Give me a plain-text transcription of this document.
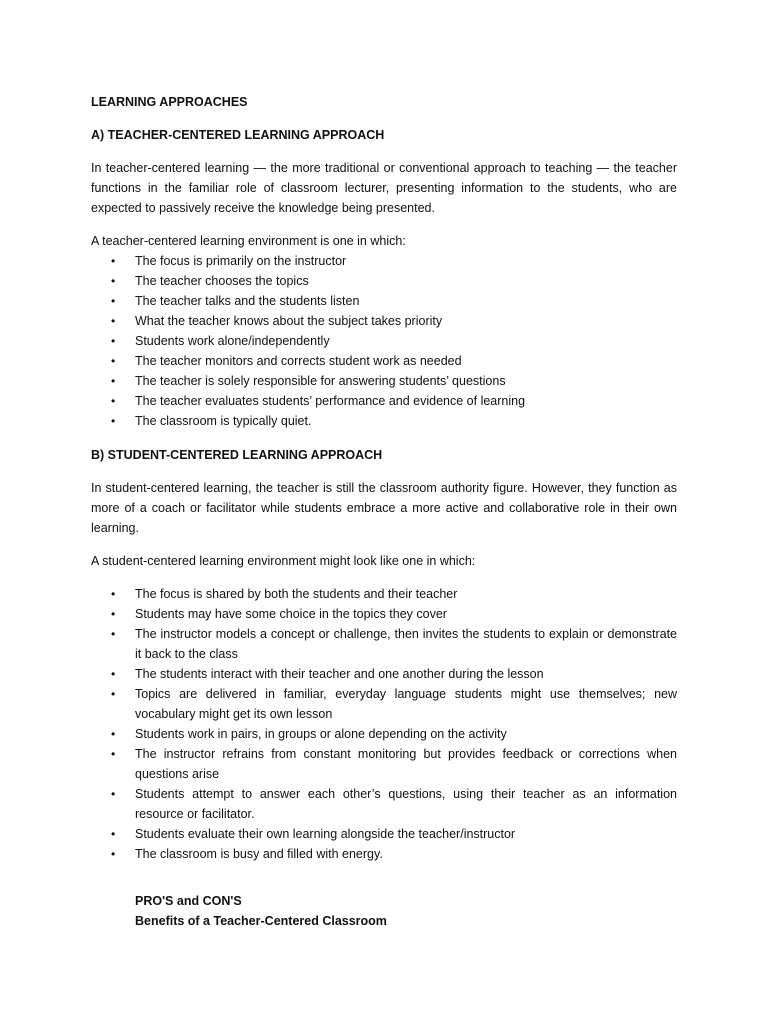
LEARNING APPROACHES

A) TEACHER-CENTERED LEARNING APPROACH

In teacher-centered learning — the more traditional or conventional approach to teaching — the teacher functions in the familiar role of classroom lecturer, presenting information to the students, who are expected to passively receive the knowledge being presented.

A teacher-centered learning environment is one in which:

• The focus is primarily on the instructor
• The teacher chooses the topics
• The teacher talks and the students listen
• What the teacher knows about the subject takes priority
• Students work alone/independently
• The teacher monitors and corrects student work as needed
• The teacher is solely responsible for answering students’ questions
• The teacher evaluates students’ performance and evidence of learning
• The classroom is typically quiet.

B) STUDENT-CENTERED LEARNING APPROACH

In student-centered learning, the teacher is still the classroom authority figure. However, they function as more of a coach or facilitator while students embrace a more active and collaborative role in their own learning.

A student-centered learning environment might look like one in which:

• The focus is shared by both the students and their teacher
• Students may have some choice in the topics they cover
• The instructor models a concept or challenge, then invites the students to explain or demonstrate it back to the class
• The students interact with their teacher and one another during the lesson
• Topics are delivered in familiar, everyday language students might use themselves; new vocabulary might get its own lesson
• Students work in pairs, in groups or alone depending on the activity
• The instructor refrains from constant monitoring but provides feedback or corrections when questions arise
• Students attempt to answer each other’s questions, using their teacher as an information resource or facilitator.
• Students evaluate their own learning alongside the teacher/instructor
• The classroom is busy and filled with energy.

PRO'S and CON'S

Benefits of a Teacher-Centered Classroom
